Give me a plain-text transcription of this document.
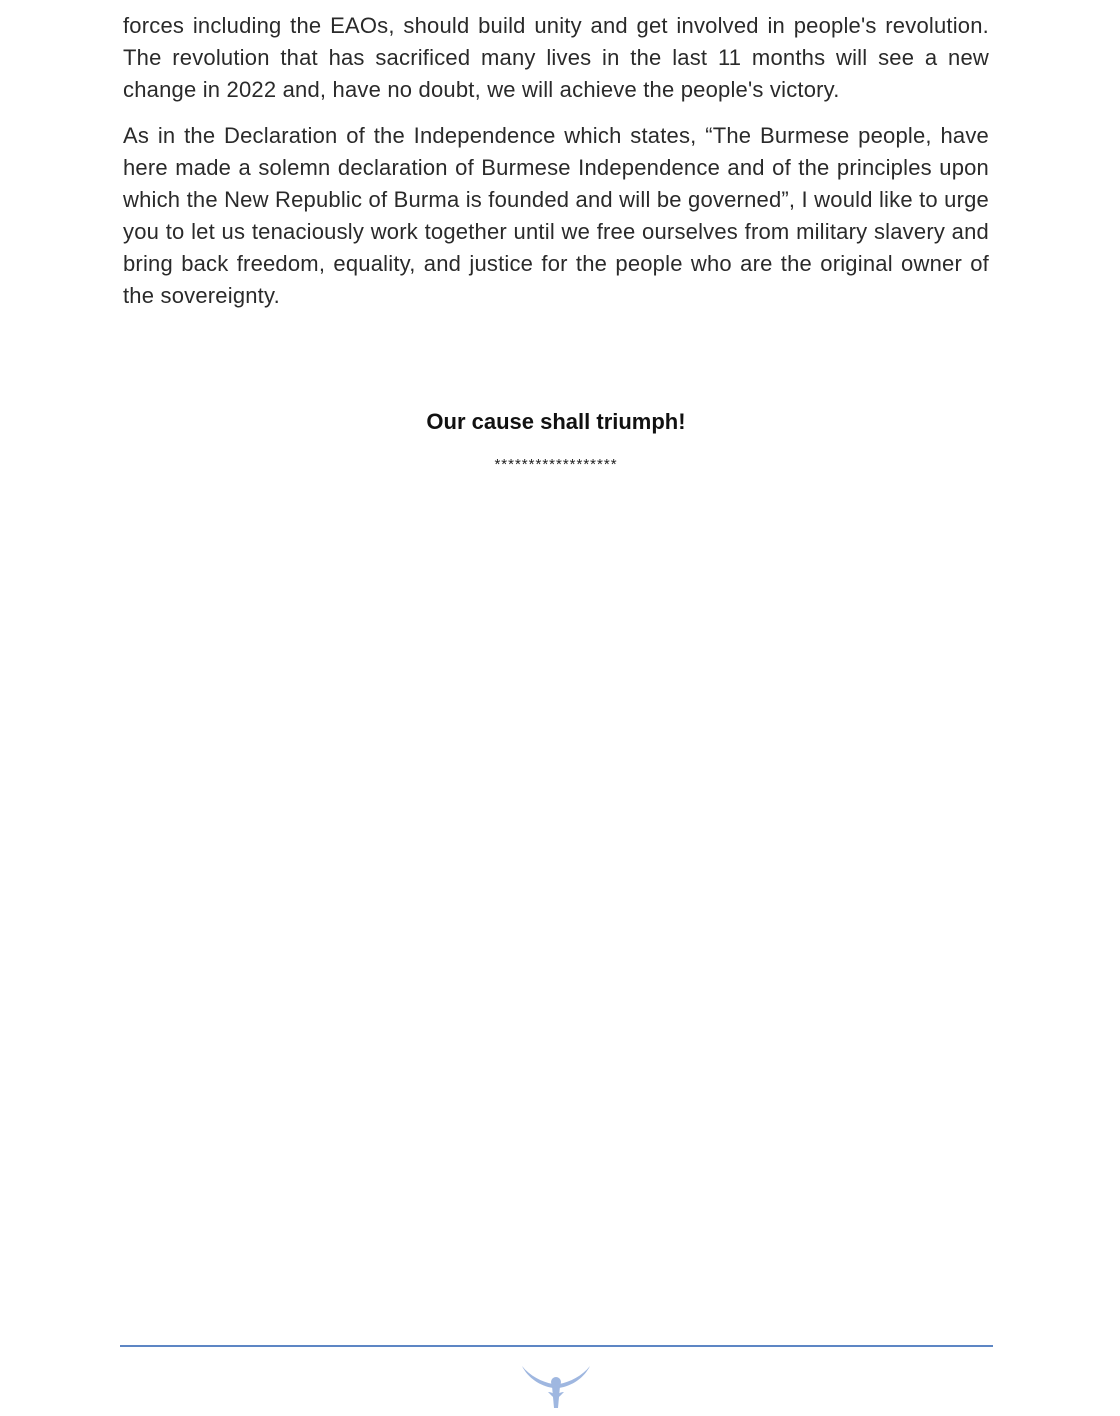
forces including the EAOs, should build unity and get involved in people's revolution. The revolution that has sacrificed many lives in the last 11 months will see a new change in 2022 and, have no doubt, we will achieve the people's victory.

As in the Declaration of the Independence which states, “The Burmese people, have here made a solemn declaration of Burmese Independence and of the principles upon which the New Republic of Burma is founded and will be governed”, I would like to urge you to let us tenaciously work together until we free ourselves from military slavery and bring back freedom, equality, and justice for the people who are the original owner of the sovereignty.

Our cause shall triumph!
******************
